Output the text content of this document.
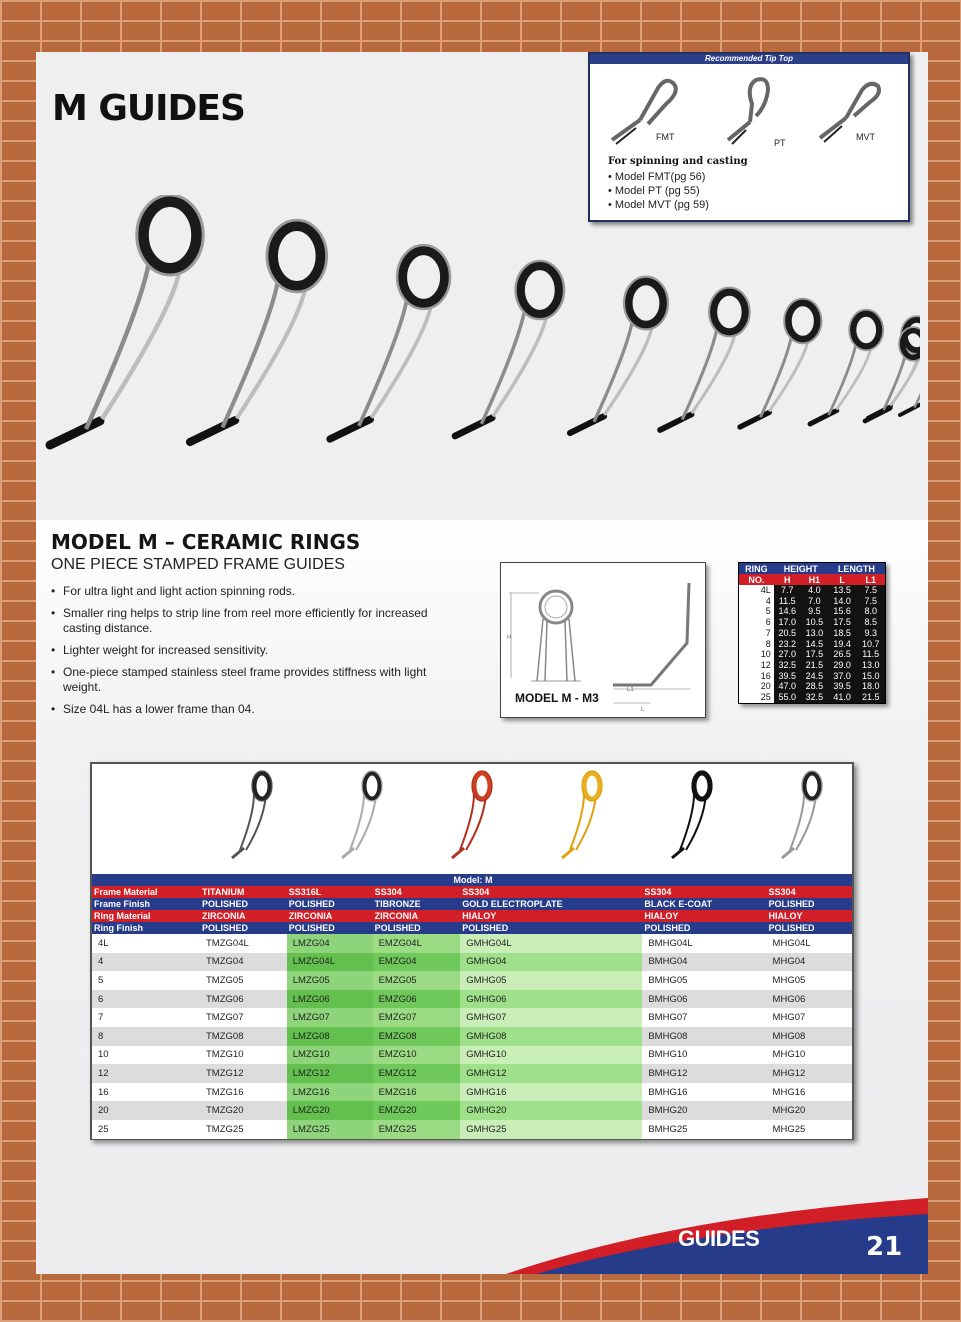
M GUIDES
MODEL M – CERAMIC RINGS
ONE PIECE STAMPED FRAME GUIDES
• For ultra light and light action spinning rods.
• Smaller ring helps to strip line from reel more efficiently for increased casting distance.
• Lighter weight for increased sensitivity.
• One-piece stamped stainless steel frame provides stiffness with light weight.
• Size 04L has a lower frame than 04.
H
L1
L
MODEL M - M3
RING	HEIGHT		LENGTH	
NO.	H	H1	L	L1
4L	7.7	4.0	13.5	7.5
4	11.5	7.0	14.0	7.5
5	14.6	9.5	15.6	8.0
6	17.0	10.5	17.5	8.5
7	20.5	13.0	18.5	9.3
8	23.2	14.5	19.4	10.7
10	27.0	17.5	26.5	11.5
12	32.5	21.5	29.0	13.0
16	39.5	24.5	37.0	15.0
20	47.0	28.5	39.5	18.0
25	55.0	32.5	41.0	21.5
Model: M						
Frame Material	TITANIUM	SS316L	SS304	SS304	SS304	SS304
Frame Finish	POLISHED	POLISHED	TIBRONZE	GOLD ELECTROPLATE	BLACK E-COAT	POLISHED
Ring Material	ZIRCONIA	ZIRCONIA	ZIRCONIA	HIALOY	HIALOY	HIALOY
Ring Finish	POLISHED	POLISHED	POLISHED	POLISHED	POLISHED	POLISHED
4L	TMZG04L	LMZG04	EMZG04L	GMHG04L	BMHG04L	MHG04L
4	TMZG04	LMZG04L	EMZG04	GMHG04	BMHG04	MHG04
5	TMZG05	LMZG05	EMZG05	GMHG05	BMHG05	MHG05
6	TMZG06	LMZG06	EMZG06	GMHG06	BMHG06	MHG06
7	TMZG07	LMZG07	EMZG07	GMHG07	BMHG07	MHG07
8	TMZG08	LMZG08	EMZG08	GMHG08	BMHG08	MHG08
10	TMZG10	LMZG10	EMZG10	GMHG10	BMHG10	MHG10
12	TMZG12	LMZG12	EMZG12	GMHG12	BMHG12	MHG12
16	TMZG16	LMZG16	EMZG16	GMHG16	BMHG16	MHG16
20	TMZG20	LMZG20	EMZG20	GMHG20	BMHG20	MHG20
25	TMZG25	LMZG25	EMZG25	GMHG25	BMHG25	MHG25
Recommended Tip Top
FMT
PT
MVT
For spinning and casting
• Model FMT(pg 56)
• Model PT (pg 55)
• Model MVT (pg 59)
GUIDES	21
